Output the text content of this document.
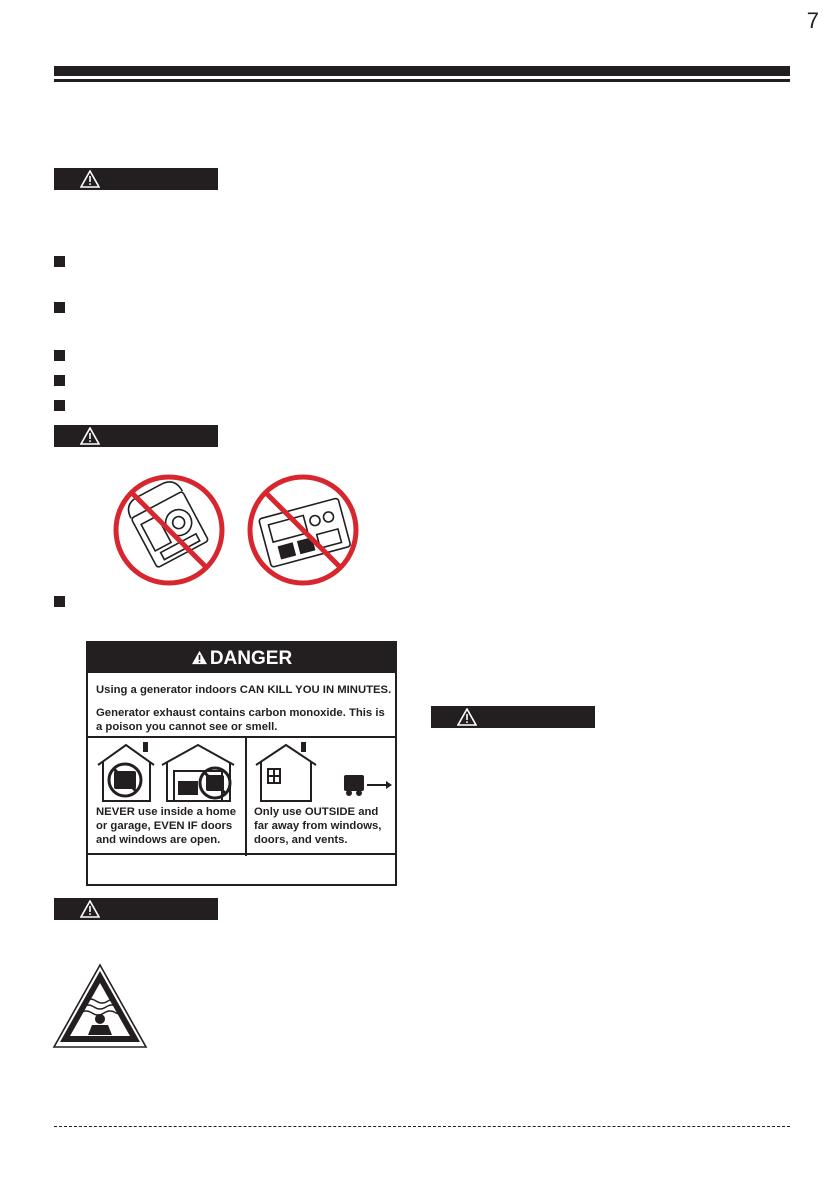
7
DANGER
Using a generator indoors CAN KILL YOU IN MINUTES.
Generator exhaust contains carbon monoxide. This is
a poison you cannot see or smell.
NEVER use inside a home
or garage, EVEN IF doors
and windows are open.
Only use OUTSIDE and
far away from windows,
doors, and vents.
